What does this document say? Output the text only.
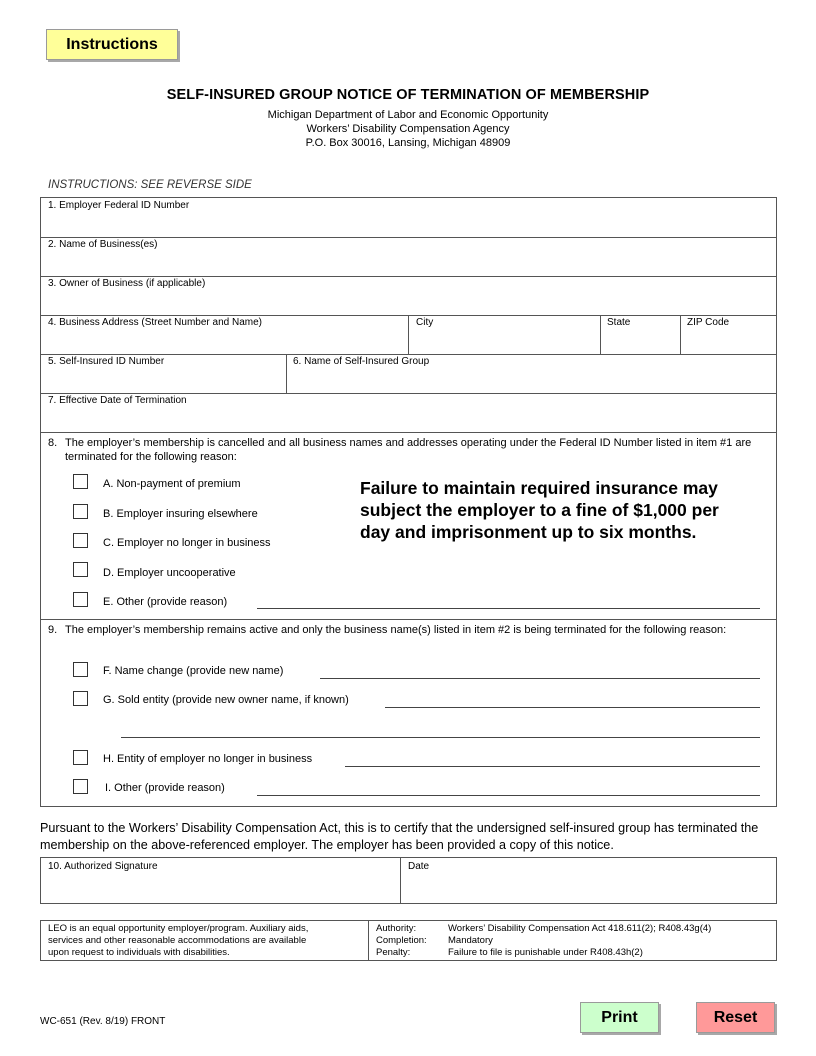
Instructions
SELF-INSURED GROUP NOTICE OF TERMINATION OF MEMBERSHIP
Michigan Department of Labor and Economic Opportunity
Workers’ Disability Compensation Agency
P.O. Box 30016, Lansing, Michigan 48909
INSTRUCTIONS: SEE REVERSE SIDE
1. Employer Federal ID Number
2. Name of Business(es)
3. Owner of Business (if applicable)
4. Business Address (Street Number and Name)	City	State	ZIP Code
5. Self-Insured ID Number	6. Name of Self-Insured Group
7. Effective Date of Termination
8. The employer’s membership is cancelled and all business names and addresses operating under the Federal ID Number listed in item #1 are terminated for the following reason:
A. Non-payment of premium
B. Employer insuring elsewhere
C. Employer no longer in business
D. Employer uncooperative
E. Other (provide reason)
9. The employer’s membership remains active and only the business name(s) listed in item #2 is being terminated for the following reason:
F. Name change (provide new name)
G. Sold entity (provide new owner name, if known)
H. Entity of employer no longer in business
I. Other (provide reason)
Failure to maintain required insurance may subject the employer to a fine of $1,000 per day and imprisonment up to six months.
Pursuant to the Workers’ Disability Compensation Act, this is to certify that the undersigned self-insured group has terminated the membership on the above-referenced employer. The employer has been provided a copy of this notice.
10. Authorized Signature	Date
LEO is an equal opportunity employer/program. Auxiliary aids,
services and other reasonable accommodations are available
upon request to individuals with disabilities.
Authority:	Workers’ Disability Compensation Act 418.611(2); R408.43g(4)
Completion: Mandatory
Penalty:	Failure to file is punishable under R408.43h(2)
WC-651 (Rev. 8/19) FRONT	Print	Reset
